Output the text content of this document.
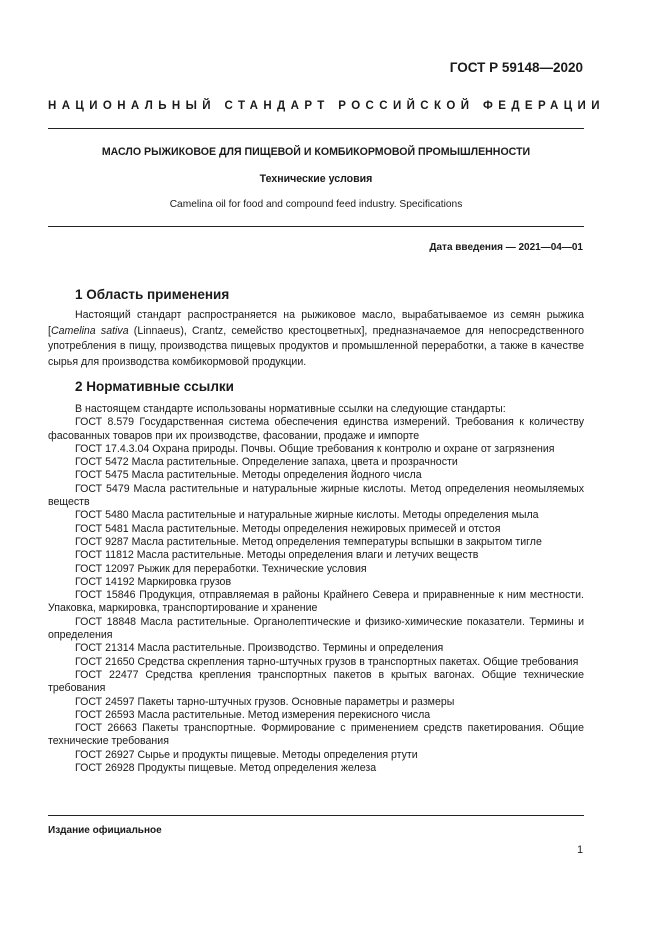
ГОСТ Р 59148—2020
НАЦИОНАЛЬНЫЙ СТАНДАРТ РОССИЙСКОЙ ФЕДЕРАЦИИ
МАСЛО РЫЖИКОВОЕ ДЛЯ ПИЩЕВОЙ И КОМБИКОРМОВОЙ ПРОМЫШЛЕННОСТИ
Технические условия
Camelina oil for food and compound feed industry. Specifications
Дата введения — 2021—04—01
1 Область применения

Настоящий стандарт распространяется на рыжиковое масло, вырабатываемое из семян рыжика [Camelina sativa (Linnaeus), Crantz, семейство крестоцветных], предназначаемое для непосредственного употребления в пищу, производства пищевых продуктов и промышленной переработки, а также в качестве сырья для производства комбикормовой продукции.

2 Нормативные ссылки

В настоящем стандарте использованы нормативные ссылки на следующие стандарты:

ГОСТ 8.579 Государственная система обеспечения единства измерений. Требования к количеству фасованных товаров при их производстве, фасовании, продаже и импорте

ГОСТ 17.4.3.04 Охрана природы. Почвы. Общие требования к контролю и охране от загрязнения

ГОСТ 5472 Масла растительные. Определение запаха, цвета и прозрачности

ГОСТ 5475 Масла растительные. Методы определения йодного числа

ГОСТ 5479 Масла растительные и натуральные жирные кислоты. Метод определения неомыляемых веществ

ГОСТ 5480 Масла растительные и натуральные жирные кислоты. Методы определения мыла

ГОСТ 5481 Масла растительные. Методы определения нежировых примесей и отстоя

ГОСТ 9287 Масла растительные. Метод определения температуры вспышки в закрытом тигле

ГОСТ 11812 Масла растительные. Методы определения влаги и летучих веществ

ГОСТ 12097 Рыжик для переработки. Технические условия

ГОСТ 14192 Маркировка грузов

ГОСТ 15846 Продукция, отправляемая в районы Крайнего Севера и приравненные к ним местности. Упаковка, маркировка, транспортирование и хранение

ГОСТ 18848 Масла растительные. Органолептические и физико-химические показатели. Термины и определения

ГОСТ 21314 Масла растительные. Производство. Термины и определения

ГОСТ 21650 Средства скрепления тарно-штучных грузов в транспортных пакетах. Общие требования

ГОСТ 22477 Средства крепления транспортных пакетов в крытых вагонах. Общие технические требования

ГОСТ 24597 Пакеты тарно-штучных грузов. Основные параметры и размеры

ГОСТ 26593 Масла растительные. Метод измерения перекисного числа

ГОСТ 26663 Пакеты транспортные. Формирование с применением средств пакетирования. Общие технические требования

ГОСТ 26927 Сырье и продукты пищевые. Методы определения ртути

ГОСТ 26928 Продукты пищевые. Метод определения железа

Издание официальное
1
